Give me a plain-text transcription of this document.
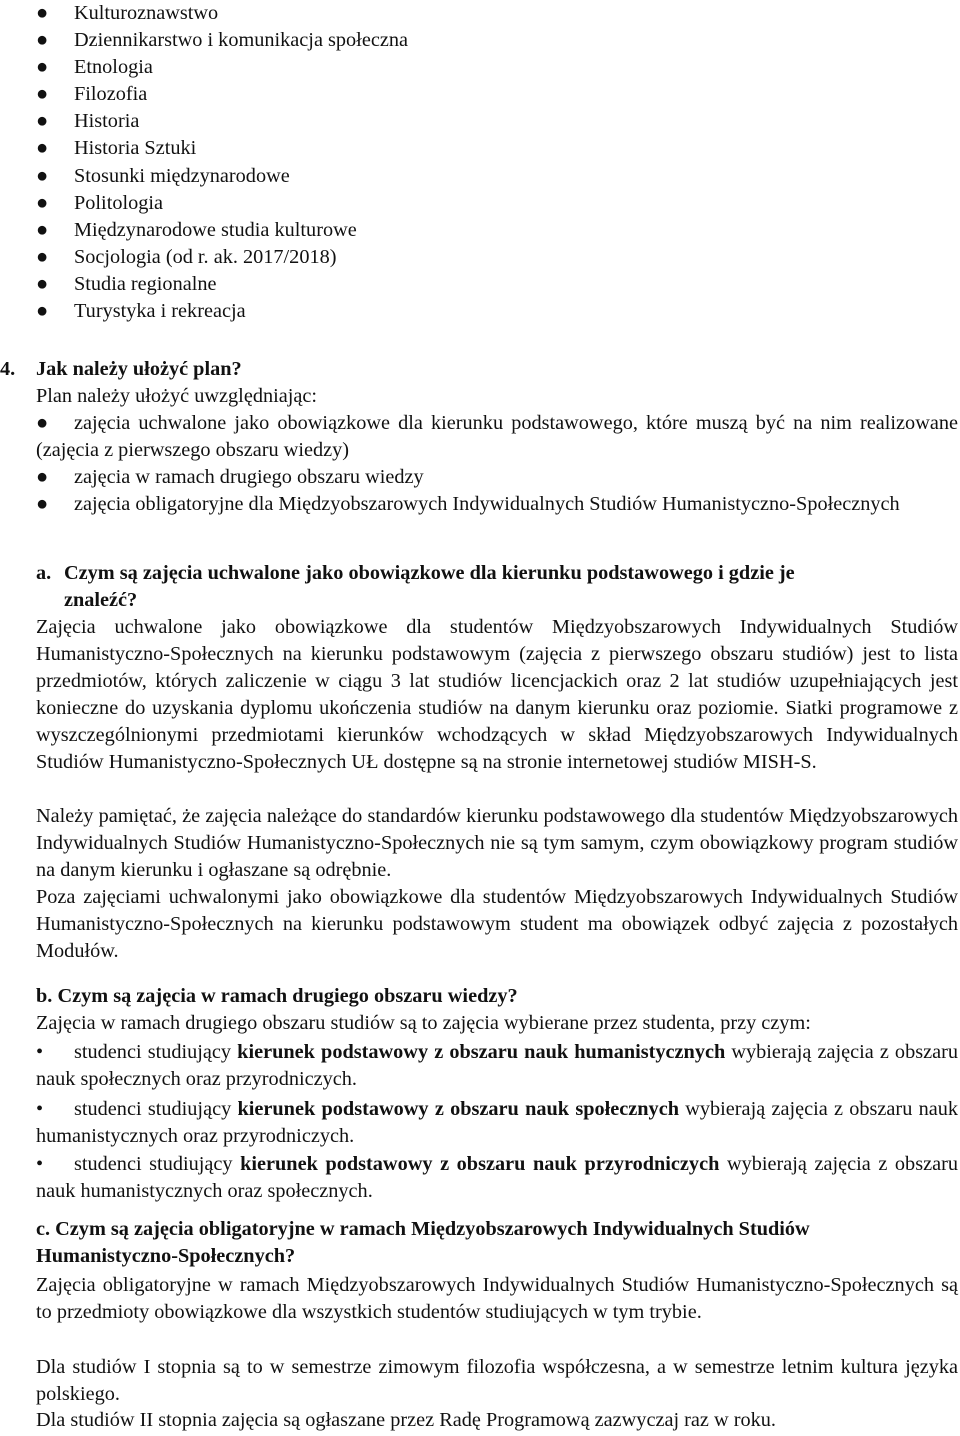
●	Kulturoznawstwo
●	Dziennikarstwo i komunikacja społeczna
●	Etnologia
●	Filozofia
●	Historia
●	Historia Sztuki
●	Stosunki międzynarodowe
●	Politologia
●	Międzynarodowe studia kulturowe
●	Socjologia (od r. ak. 2017/2018)
●	Studia regionalne
●	Turystyka i rekreacja
4. Jak należy ułożyć plan?

Plan należy ułożyć uwzględniając:

● zajęcia uchwalone jako obowiązkowe dla kierunku podstawowego, które muszą być na nim realizowane (zajęcia z pierwszego obszaru wiedzy)

● zajęcia w ramach drugiego obszaru wiedzy

● zajęcia obligatoryjne dla Międzyobszarowych Indywidualnych Studiów Humanistyczno-Społecznych

a. Czym są zajęcia uchwalone jako obowiązkowe dla kierunku podstawowego i gdzie je
znaleźć?

Zajęcia uchwalone jako obowiązkowe dla studentów Międzyobszarowych Indywidualnych Studiów Humanistyczno-Społecznych na kierunku podstawowym (zajęcia z pierwszego obszaru studiów) jest to lista przedmiotów, których zaliczenie w ciągu 3 lat studiów licencjackich oraz 2 lat studiów uzupełniających jest konieczne do uzyskania dyplomu ukończenia studiów na danym kierunku oraz poziomie. Siatki programowe z wyszczególnionymi przedmiotami kierunków wchodzących w skład Międzyobszarowych Indywidualnych Studiów Humanistyczno-Społecznych UŁ dostępne są na stronie internetowej studiów MISH-S.

Należy pamiętać, że zajęcia należące do standardów kierunku podstawowego dla studentów Międzyobszarowych Indywidualnych Studiów Humanistyczno-Społecznych nie są tym samym, czym obowiązkowy program studiów na danym kierunku i ogłaszane są odrębnie.

Poza zajęciami uchwalonymi jako obowiązkowe dla studentów Międzyobszarowych Indywidualnych Studiów Humanistyczno-Społecznych na kierunku podstawowym student ma obowiązek odbyć zajęcia z pozostałych Modułów.

b. Czym są zajęcia w ramach drugiego obszaru wiedzy?

Zajęcia w ramach drugiego obszaru studiów są to zajęcia wybierane przez studenta, przy czym:

• studenci studiujący kierunek podstawowy z obszaru nauk humanistycznych wybierają zajęcia z obszaru nauk społecznych oraz przyrodniczych.

• studenci studiujący kierunek podstawowy z obszaru nauk społecznych wybierają zajęcia z obszaru nauk humanistycznych oraz przyrodniczych.

• studenci studiujący kierunek podstawowy z obszaru nauk przyrodniczych wybierają zajęcia z obszaru nauk humanistycznych oraz społecznych.

c. Czym są zajęcia obligatoryjne w ramach Międzyobszarowych Indywidualnych Studiów
Humanistyczno-Społecznych?

Zajęcia obligatoryjne w ramach Międzyobszarowych Indywidualnych Studiów Humanistyczno-Społecznych są to przedmioty obowiązkowe dla wszystkich studentów studiujących w tym trybie.

Dla studiów I stopnia są to w semestrze zimowym filozofia współczesna, a w semestrze letnim kultura języka polskiego.

Dla studiów II stopnia zajęcia są ogłaszane przez Radę Programową zazwyczaj raz w roku.
